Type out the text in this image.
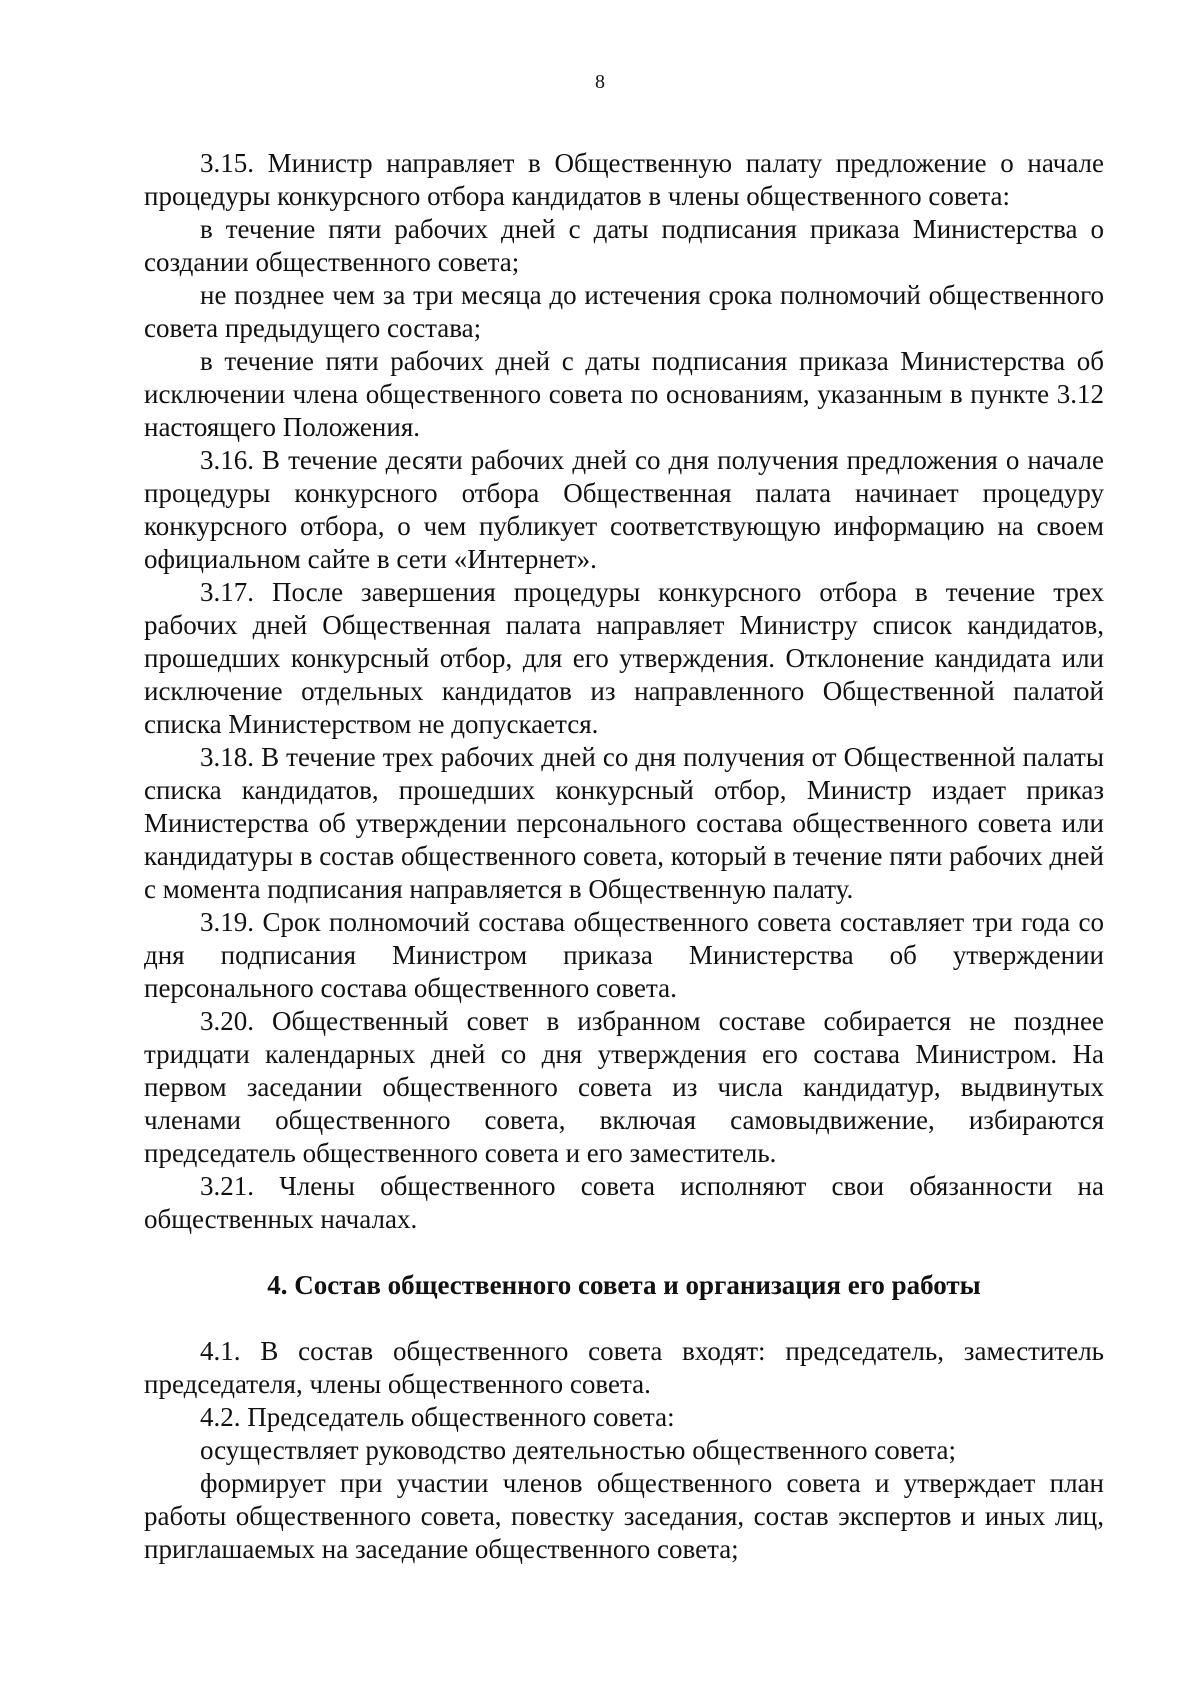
8

3.15. Министр направляет в Общественную палату предложение о начале процедуры конкурсного отбора кандидатов в члены общественного совета:

в течение пяти рабочих дней с даты подписания приказа Министерства о создании общественного совета;

не позднее чем за три месяца до истечения срока полномочий общественного совета предыдущего состава;

в течение пяти рабочих дней с даты подписания приказа Министерства об исключении члена общественного совета по основаниям, указанным в пункте 3.12 настоящего Положения.

3.16. В течение десяти рабочих дней со дня получения предложения о начале процедуры конкурсного отбора Общественная палата начинает процедуру конкурсного отбора, о чем публикует соответствующую информацию на своем официальном сайте в сети «Интернет».

3.17. После завершения процедуры конкурсного отбора в течение трех рабочих дней Общественная палата направляет Министру список кандидатов, прошедших конкурсный отбор, для его утверждения. Отклонение кандидата или исключение отдельных кандидатов из направленного Общественной палатой списка Министерством не допускается.

3.18. В течение трех рабочих дней со дня получения от Общественной палаты списка кандидатов, прошедших конкурсный отбор, Министр издает приказ Министерства об утверждении персонального состава общественного совета или кандидатуры в состав общественного совета, который в течение пяти рабочих дней с момента подписания направляется в Общественную палату.

3.19. Срок полномочий состава общественного совета составляет три года со дня подписания Министром приказа Министерства об утверждении персонального состава общественного совета.

3.20. Общественный совет в избранном составе собирается не позднее тридцати календарных дней со дня утверждения его состава Министром. На первом заседании общественного совета из числа кандидатур, выдвинутых членами общественного совета, включая самовыдвижение, избираются председатель общественного совета и его заместитель.

3.21. Члены общественного совета исполняют свои обязанности на общественных началах.

4. Состав общественного совета и организация его работы

4.1. В состав общественного совета входят: председатель, заместитель председателя, члены общественного совета.

4.2. Председатель общественного совета:

осуществляет руководство деятельностью общественного совета;

формирует при участии членов общественного совета и утверждает план работы общественного совета, повестку заседания, состав экспертов и иных лиц, приглашаемых на заседание общественного совета;
